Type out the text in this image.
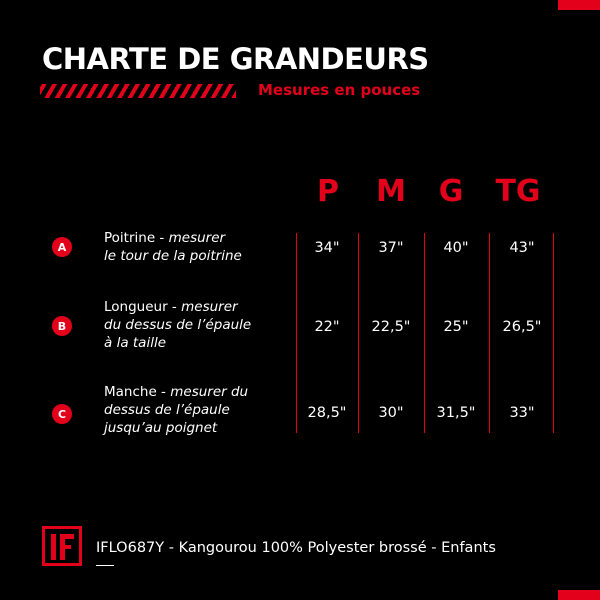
CHARTE DE GRANDEURS
Mesures en pouces
P	M	G	TG
A
Poitrine - mesurer
le tour de la poitrine	34"	37"	40"	43"
B
Longueur - mesurer
du dessus de l’épaule
à la taille
22"	22,5"	25"	26,5"
C
Manche - mesurer du
dessus de l’épaule
jusqu’au poignet
28,5"	30"	31,5"	33"
IFLO687Y - Kangourou 100% Polyester brossé - Enfants
